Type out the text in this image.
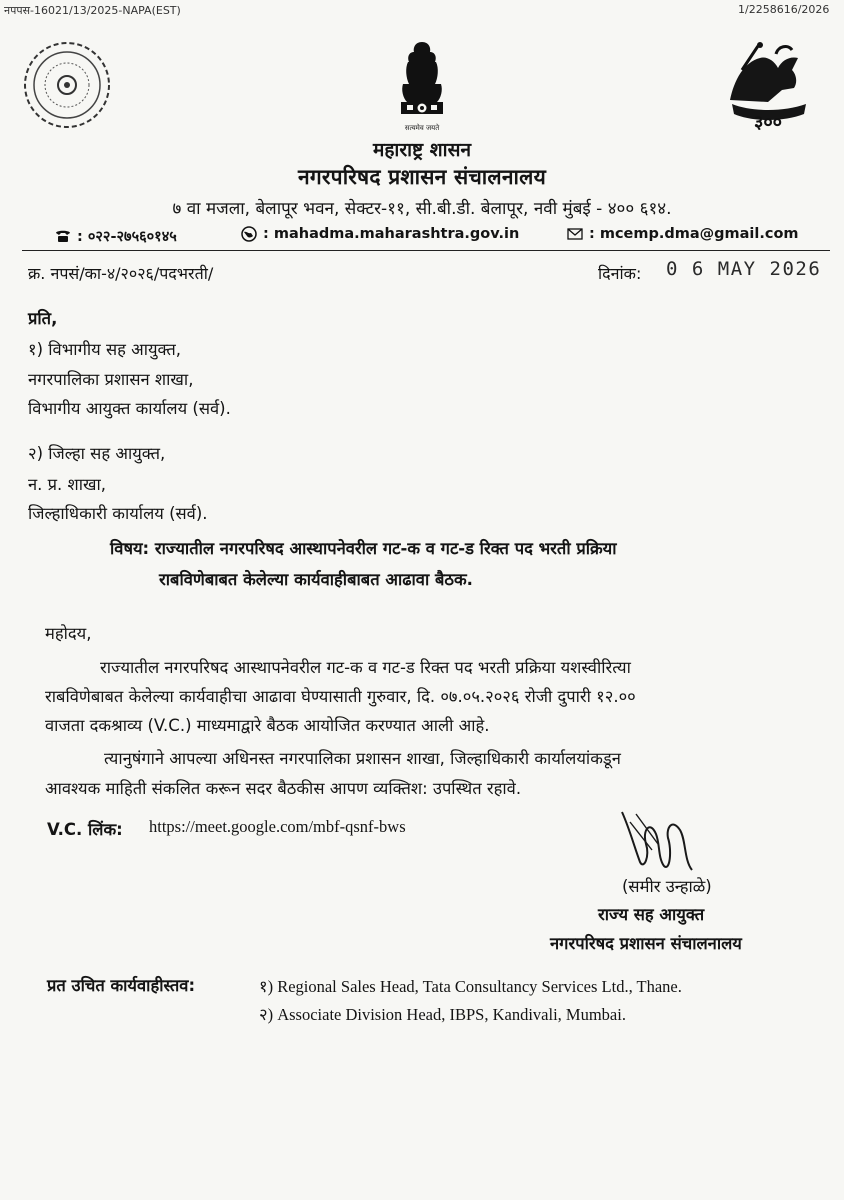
नपपस-16021/13/2025-NAPA(EST)	1/2258616/2026
सत्यमेव जयते	३००
महाराष्ट्र शासन
नगरपरिषद प्रशासन संचालनालय
७ वा मजला, बेलापूर भवन, सेक्टर-११, सी.बी.डी. बेलापूर, नवी मुंबई - ४०० ६१४.
: ०२२-२७५६०१४५	: mahadma.maharashtra.gov.in	: mcemp.dma@gmail.com
क्र. नपसं/का-४/२०२६/पदभरती/	दिनांक: 0 6 MAY 2026
प्रति,
१) विभागीय सह आयुक्त,
नगरपालिका प्रशासन शाखा,
विभागीय आयुक्त कार्यालय (सर्व).
२) जिल्हा सह आयुक्त,
न. प्र. शाखा,
जिल्हाधिकारी कार्यालय (सर्व).
विषय: राज्यातील नगरपरिषद आस्थापनेवरील गट-क व गट-ड रिक्त पद भरती प्रक्रिया
राबविणेबाबत केलेल्या कार्यवाहीबाबत आढावा बैठक.
महोदय,
राज्यातील नगरपरिषद आस्थापनेवरील गट-क व गट-ड रिक्त पद भरती प्रक्रिया यशस्वीरित्या
राबविणेबाबत केलेल्या कार्यवाहीचा आढावा घेण्यासाती गुरुवार, दि. ०७.०५.२०२६ रोजी दुपारी १२.००
वाजता दकश्राव्य (V.C.) माध्यमाद्वारे बैठक आयोजित करण्यात आली आहे.
त्यानुषंगाने आपल्या अधिनस्त नगरपालिका प्रशासन शाखा, जिल्हाधिकारी कार्यालयांकडून
आवश्यक माहिती संकलित करून सदर बैठकीस आपण व्यक्तिश: उपस्थित रहावे.
V.C. लिंक: https://meet.google.com/mbf-qsnf-bws
(समीर उन्हाळे)
राज्य सह आयुक्त
नगरपरिषद प्रशासन संचालनालय
प्रत उचित कार्यवाहीस्तव:	१) Regional Sales Head, Tata Consultancy Services Ltd., Thane.
२) Associate Division Head, IBPS, Kandivali, Mumbai.
